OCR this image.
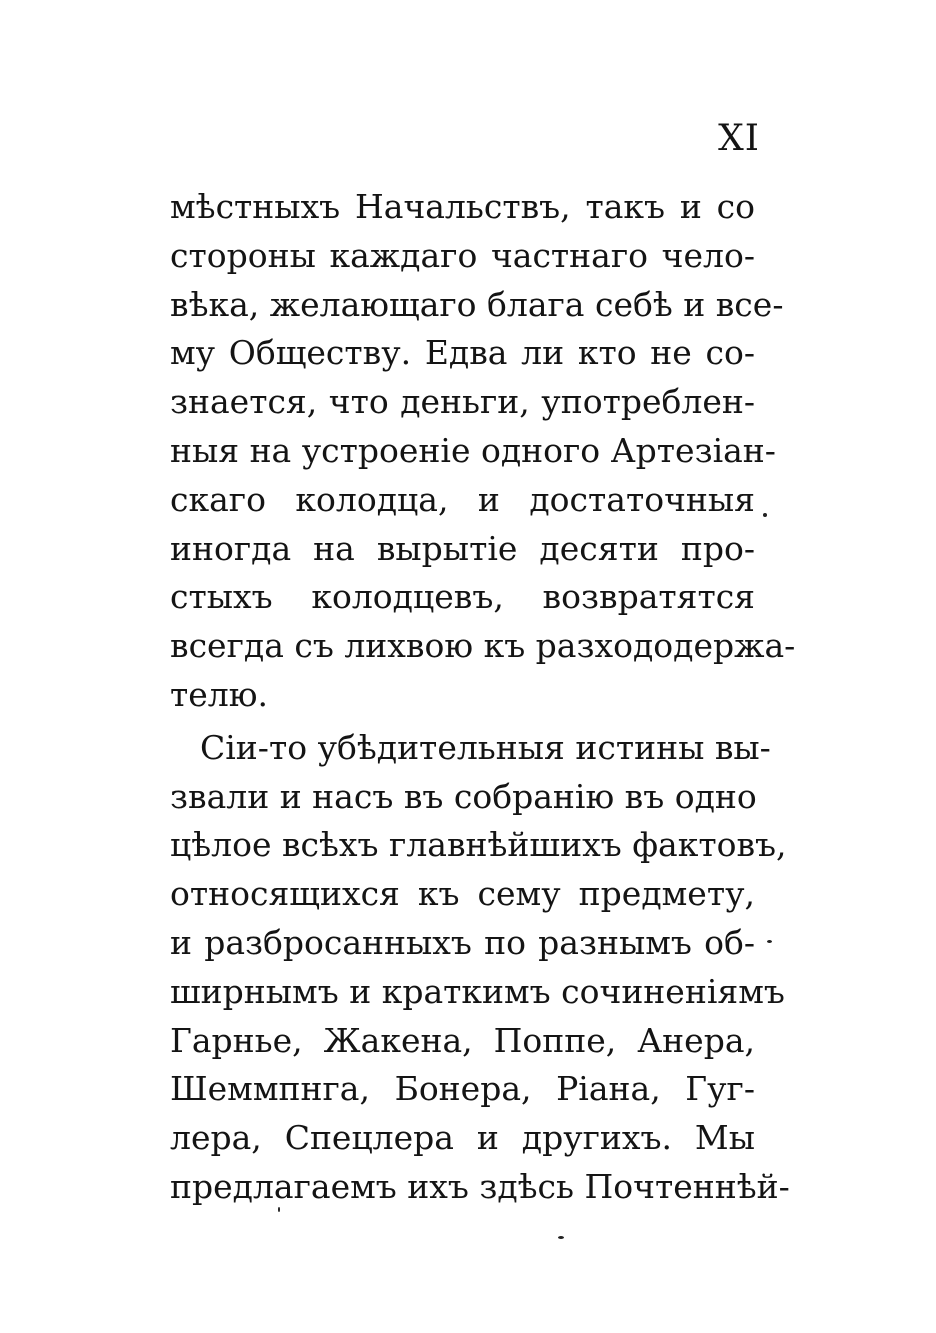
XI
мѣстныхъ Начальствъ, такъ и со
стороны каждаго частнаго чело-
вѣка, желающаго блага себѣ и все-
му Обществу. Едва ли кто не со-
знается, что деньги, употреблен-
ныя на устроеніе одного Артезіан-
скаго колодца, и достаточныя
иногда на вырытіе десяти про-
стыхъ колодцевъ, возвратятся
всегда съ лихвою къ разхододержа-
телю.
Сіи-то убѣдительныя истины вы-
звали и насъ въ собранію въ одно
цѣлое всѣхъ главнѣйшихъ фактовъ,
относящихся къ сему предмету,
и разбросанныхъ по разнымъ об-
ширнымъ и краткимъ сочиненіямъ
Гарнье, Жакена, Поппе, Анера,
Шеммпнга, Бонера, Ріана, Гуг-
лера, Спецлера и другихъ. Мы
предлагаемъ ихъ здѣсь Почтеннѣй-
